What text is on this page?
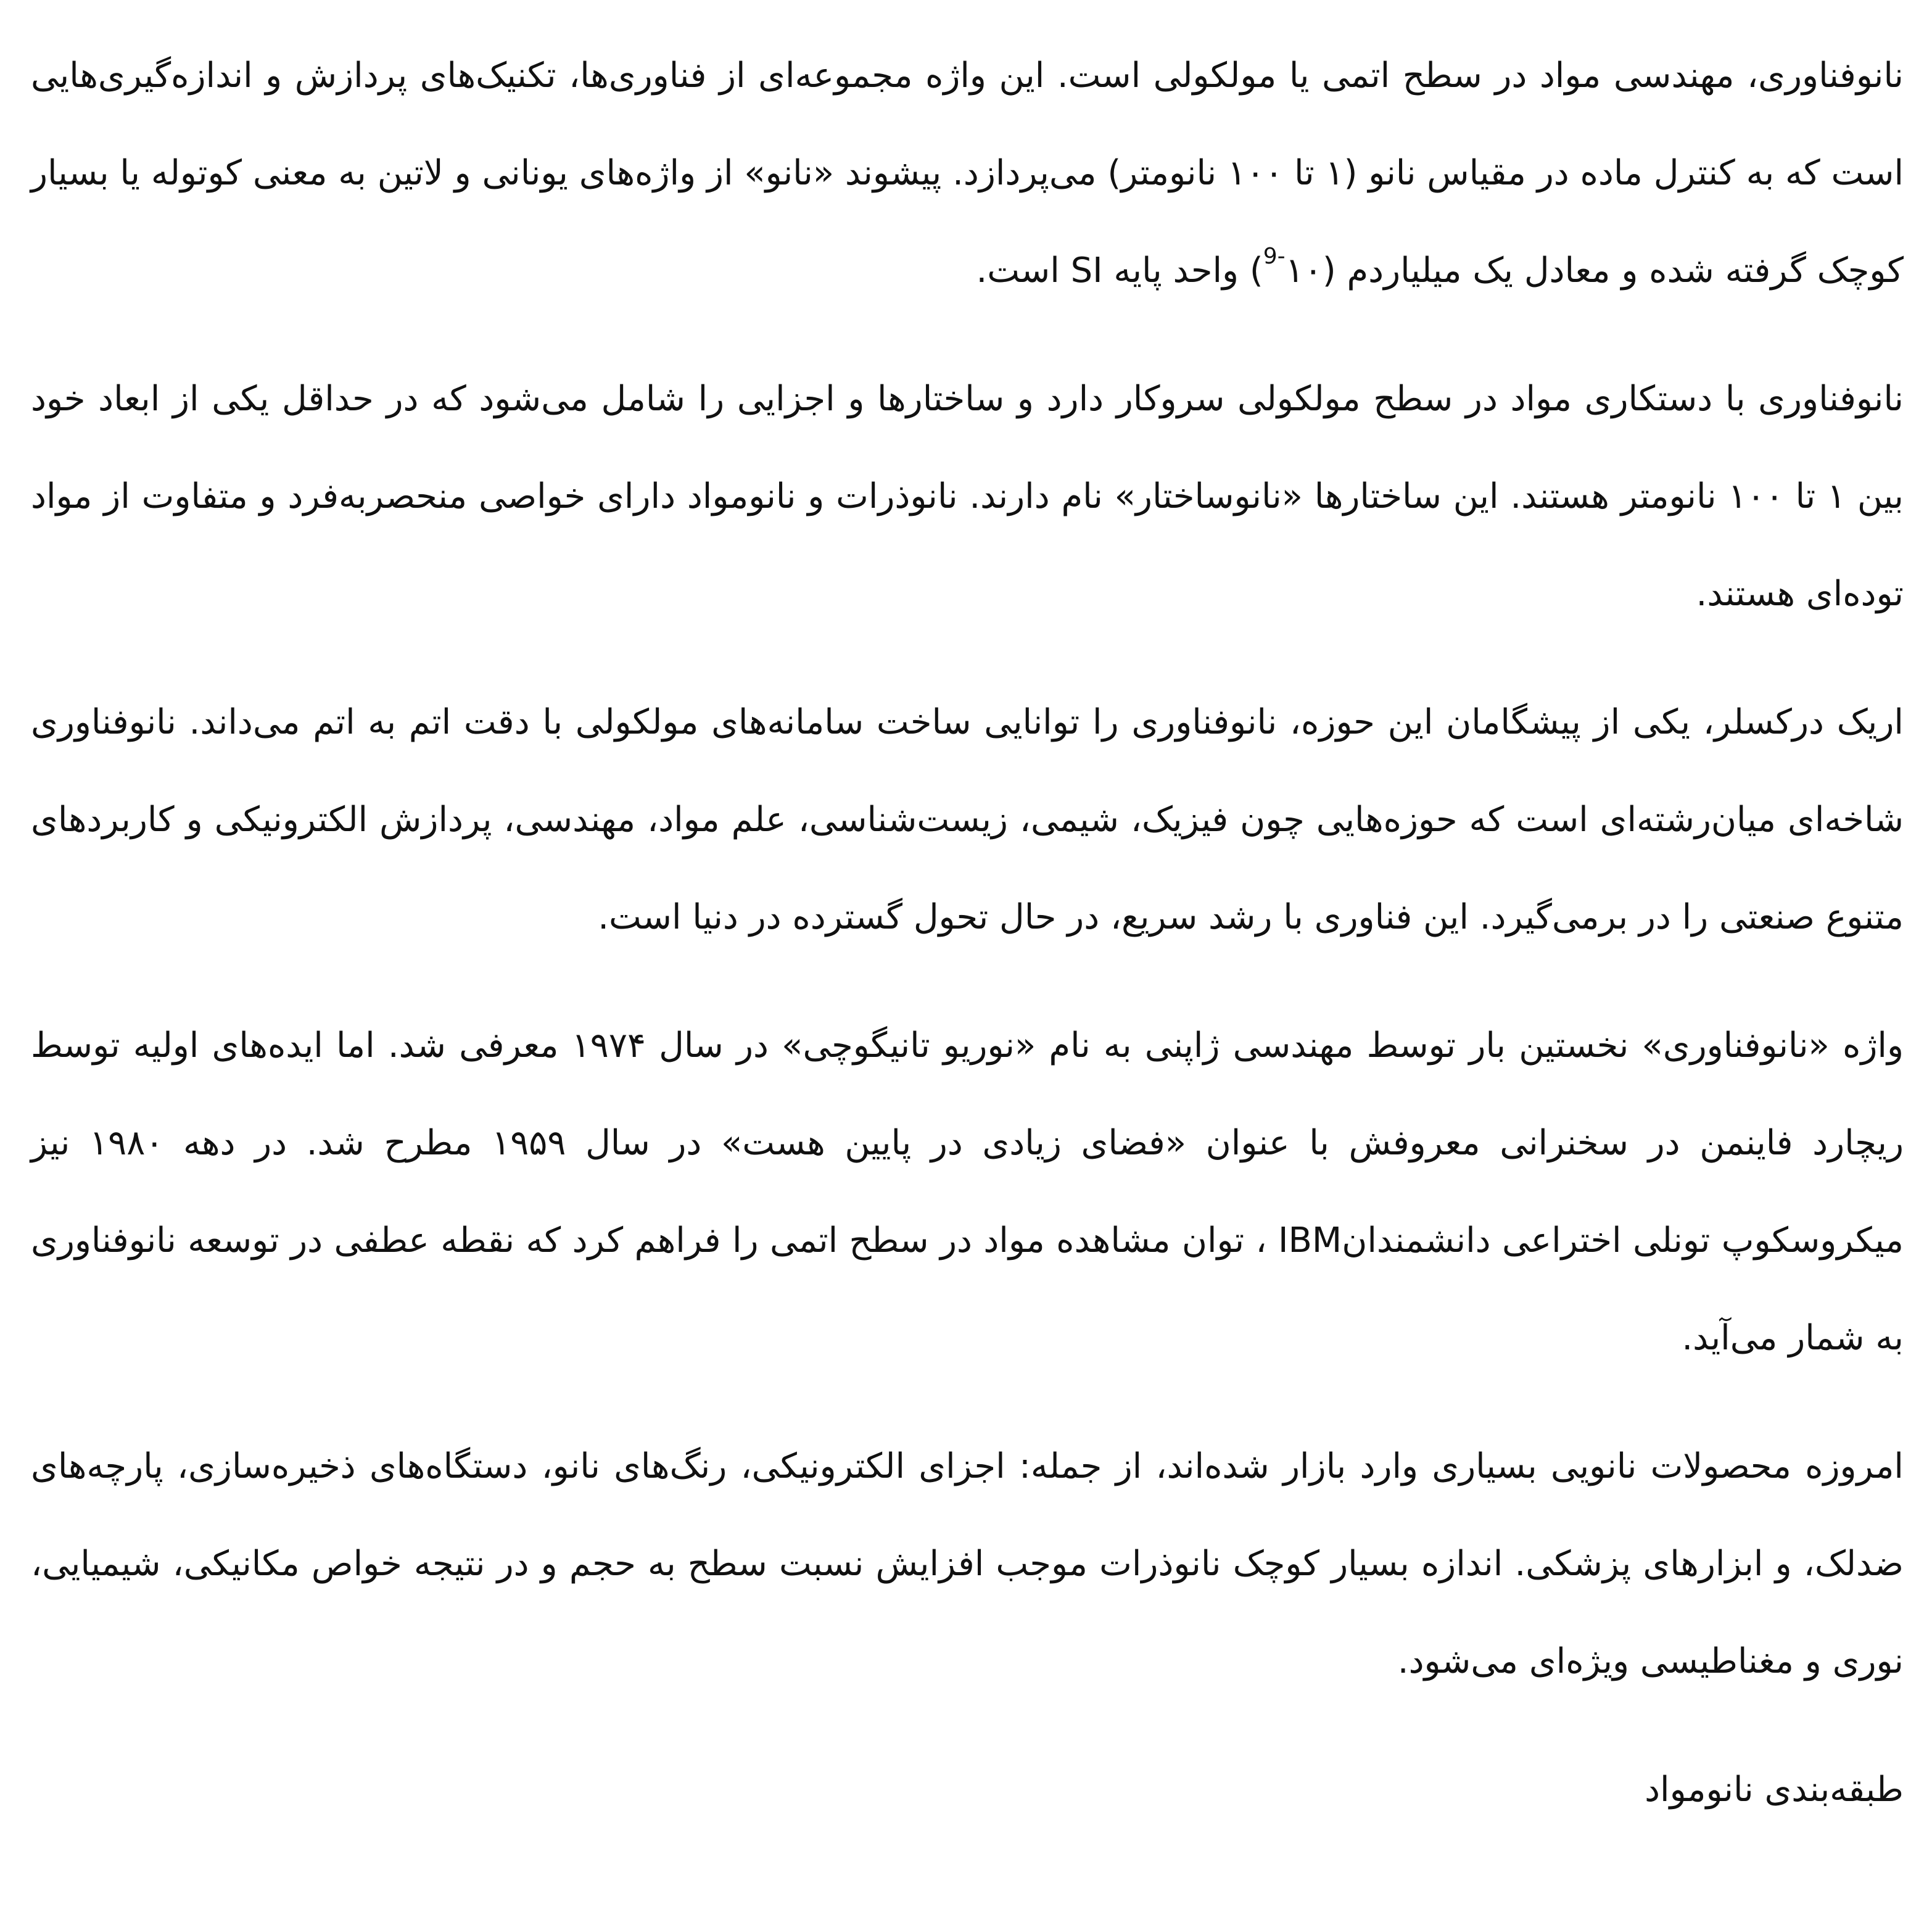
نانوفناوری، مهندسی مواد در سطح اتمی یا مولکولی است. این واژه مجموعه‌ای از فناوری‌ها، تکنیک‌های پردازش و اندازه‌گیری‌هایی است که به کنترل ماده در مقیاس نانو (۱ تا ۱۰۰ نانومتر) می‌پردازد. پیشوند «نانو» از واژه‌های یونانی و لاتین به معنی کوتوله یا بسیار کوچک گرفته شده و معادل یک میلیاردم $(۱۰^{-9})$ واحد پایه SI است.

نانوفناوری با دستکاری مواد در سطح مولکولی سروکار دارد و ساختارها و اجزایی را شامل می‌شود که در حداقل یکی از ابعاد خود بین ۱ تا ۱۰۰ نانومتر هستند. این ساختارها «نانوساختار» نام دارند. نانوذرات و نانومواد دارای خواصی منحصربه‌فرد و متفاوت از مواد توده‌ای هستند.

اریک درکسلر، یکی از پیشگامان این حوزه، نانوفناوری را توانایی ساخت سامانه‌های مولکولی با دقت اتم به اتم می‌داند. نانوفناوری شاخه‌ای میان‌رشته‌ای است که حوزه‌هایی چون فیزیک، شیمی، زیست‌شناسی، علم مواد، مهندسی، پردازش الکترونیکی و کاربردهای متنوع صنعتی را در برمی‌گیرد. این فناوری با رشد سریع، در حال تحول گسترده در دنیا است.

واژه «نانوفناوری» نخستین بار توسط مهندسی ژاپنی به نام «نوریو تانیگوچی» در سال ۱۹۷۴ معرفی شد. اما ایده‌های اولیه توسط ریچارد فاینمن در سخنرانی معروفش با عنوان «فضای زیادی در پایین هست» در سال ۱۹۵۹ مطرح شد. در دهه ۱۹۸۰ نیز میکروسکوپ تونلی اختراعی دانشمندانIBM ، توان مشاهده مواد در سطح اتمی را فراهم کرد که نقطه عطفی در توسعه نانوفناوری به شمار می‌آید.

امروزه محصولات نانویی بسیاری وارد بازار شده‌اند، از جمله: اجزای الکترونیکی، رنگ‌های نانو، دستگاه‌های ذخیره‌سازی، پارچه‌های ضدلک، و ابزارهای پزشکی. اندازه بسیار کوچک نانوذرات موجب افزایش نسبت سطح به حجم و در نتیجه خواص مکانیکی، شیمیایی، نوری و مغناطیسی ویژه‌ای می‌شود.

طبقه‌بندی نانومواد
